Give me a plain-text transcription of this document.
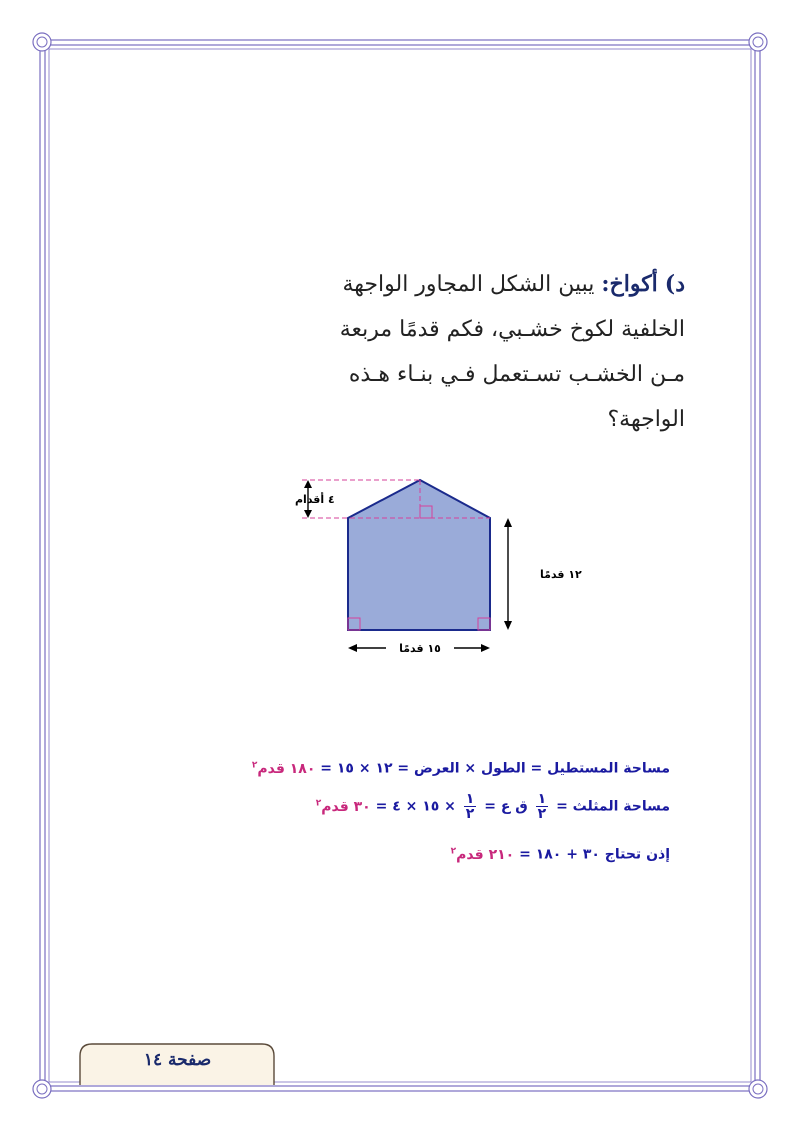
د) أكواخ: يبين الشكل المجاور الواجهة الخلفية لكوخ خشـبي، فكم قدمًا مربعة مـن الخشـب تسـتعمل فـي بنـاء هـذه الواجهة؟
٤ أقدام
١٢ قدمًا
١٥ قدمًا
مساحة المستطيل = الطول × العرض = ١٢ × ١٥ = ١٨٠ قدم$^٢$
مساحة المثلث =
$\frac{١}{٢}$
ق ع =
$\frac{١}{٢}$
× ١٥ × ٤ = ٣٠ قدم$^٢$
إذن تحتاج ٣٠ + ١٨٠ = ٢١٠ قدم$^٢$
صفحة ١٤
